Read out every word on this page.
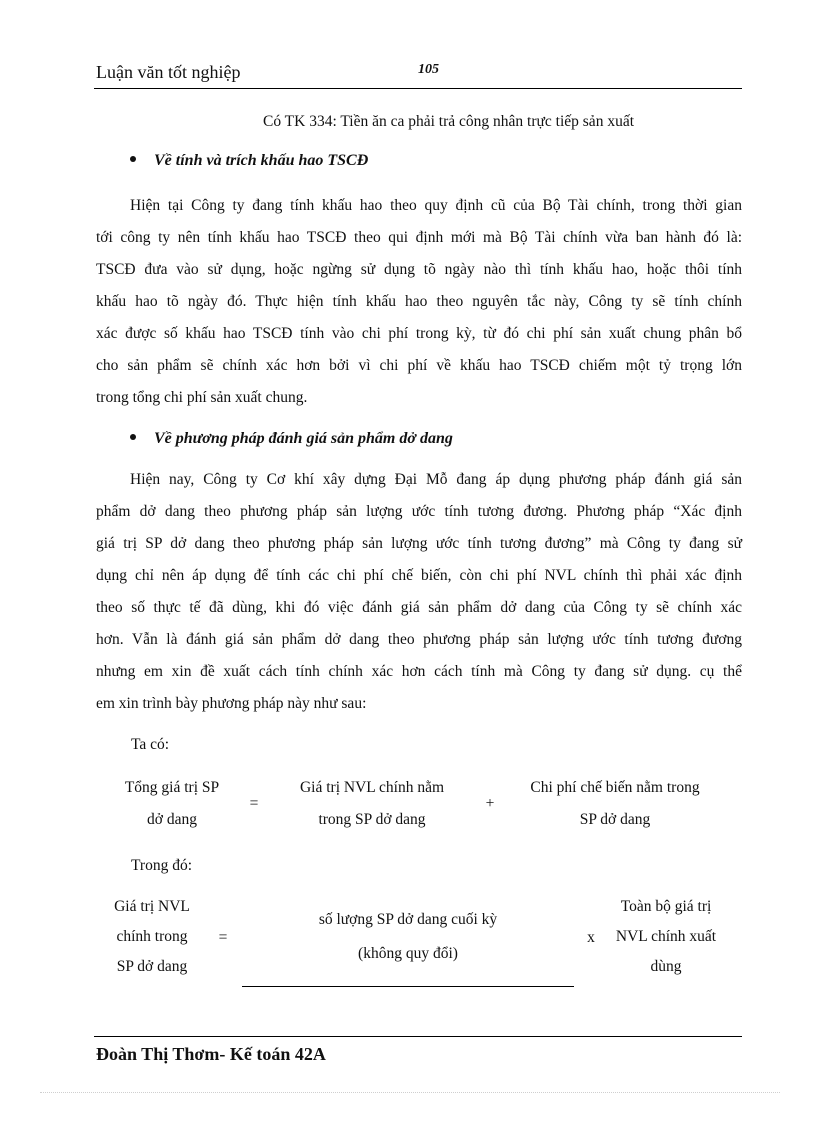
Luận văn tốt nghiệp	105
Có TK 334: Tiền ăn ca phải trả công nhân trực tiếp sản xuất
Về tính và trích khấu hao TSCĐ
Hiện tại Công ty đang tính khấu hao theo quy định cũ của Bộ Tài chính, trong thời gian
tới công ty nên tính khấu hao TSCĐ theo qui định mới mà Bộ Tài chính vừa ban hành đó là:
TSCĐ đưa vào sử dụng, hoặc ngừng sử dụng tõ ngày nào thì tính khấu hao, hoặc thôi tính
khấu hao tõ ngày đó. Thực hiện tính khấu hao theo nguyên tắc này, Công ty sẽ tính chính
xác được số khấu hao TSCĐ tính vào chi phí trong kỳ, từ đó chi phí sản xuất chung phân bổ
cho sản phẩm sẽ chính xác hơn bởi vì chi phí về khấu hao TSCĐ chiếm một tỷ trọng lớn
trong tổng chi phí sản xuất chung.
Về phương pháp đánh giá sản phẩm dở dang
Hiện nay, Công ty Cơ khí xây dựng Đại Mỗ đang áp dụng phương pháp đánh giá sản
phẩm dở dang theo phương pháp sản lượng ước tính tương đương. Phương pháp “Xác định
giá trị SP dở dang theo phương pháp sản lượng ước tính tương đương” mà Công ty đang sử
dụng chỉ nên áp dụng để tính các chi phí chế biến, còn chi phí NVL chính thì phải xác định
theo số thực tế đã dùng, khi đó việc đánh giá sản phẩm dở dang của Công ty sẽ chính xác
hơn. Vẫn là đánh giá sản phẩm dở dang theo phương pháp sản lượng ước tính tương đương
nhưng em xin đề xuất cách tính chính xác hơn cách tính mà Công ty đang sử dụng. cụ thể
em xin trình bày phương pháp này như sau:
Ta có:
Tổng giá trị SP
dở dang
=
Giá trị NVL chính nằm
trong SP dở dang
+
Chi phí chế biến nằm trong
SP dở dang
Trong đó:
Giá trị NVL
chính trong
SP dở dang
=
số lượng SP dở dang cuối kỳ
(không quy đổi)
x
Toàn bộ giá trị
NVL chính xuất
dùng
Đoàn Thị Thơm- Kế toán 42A
